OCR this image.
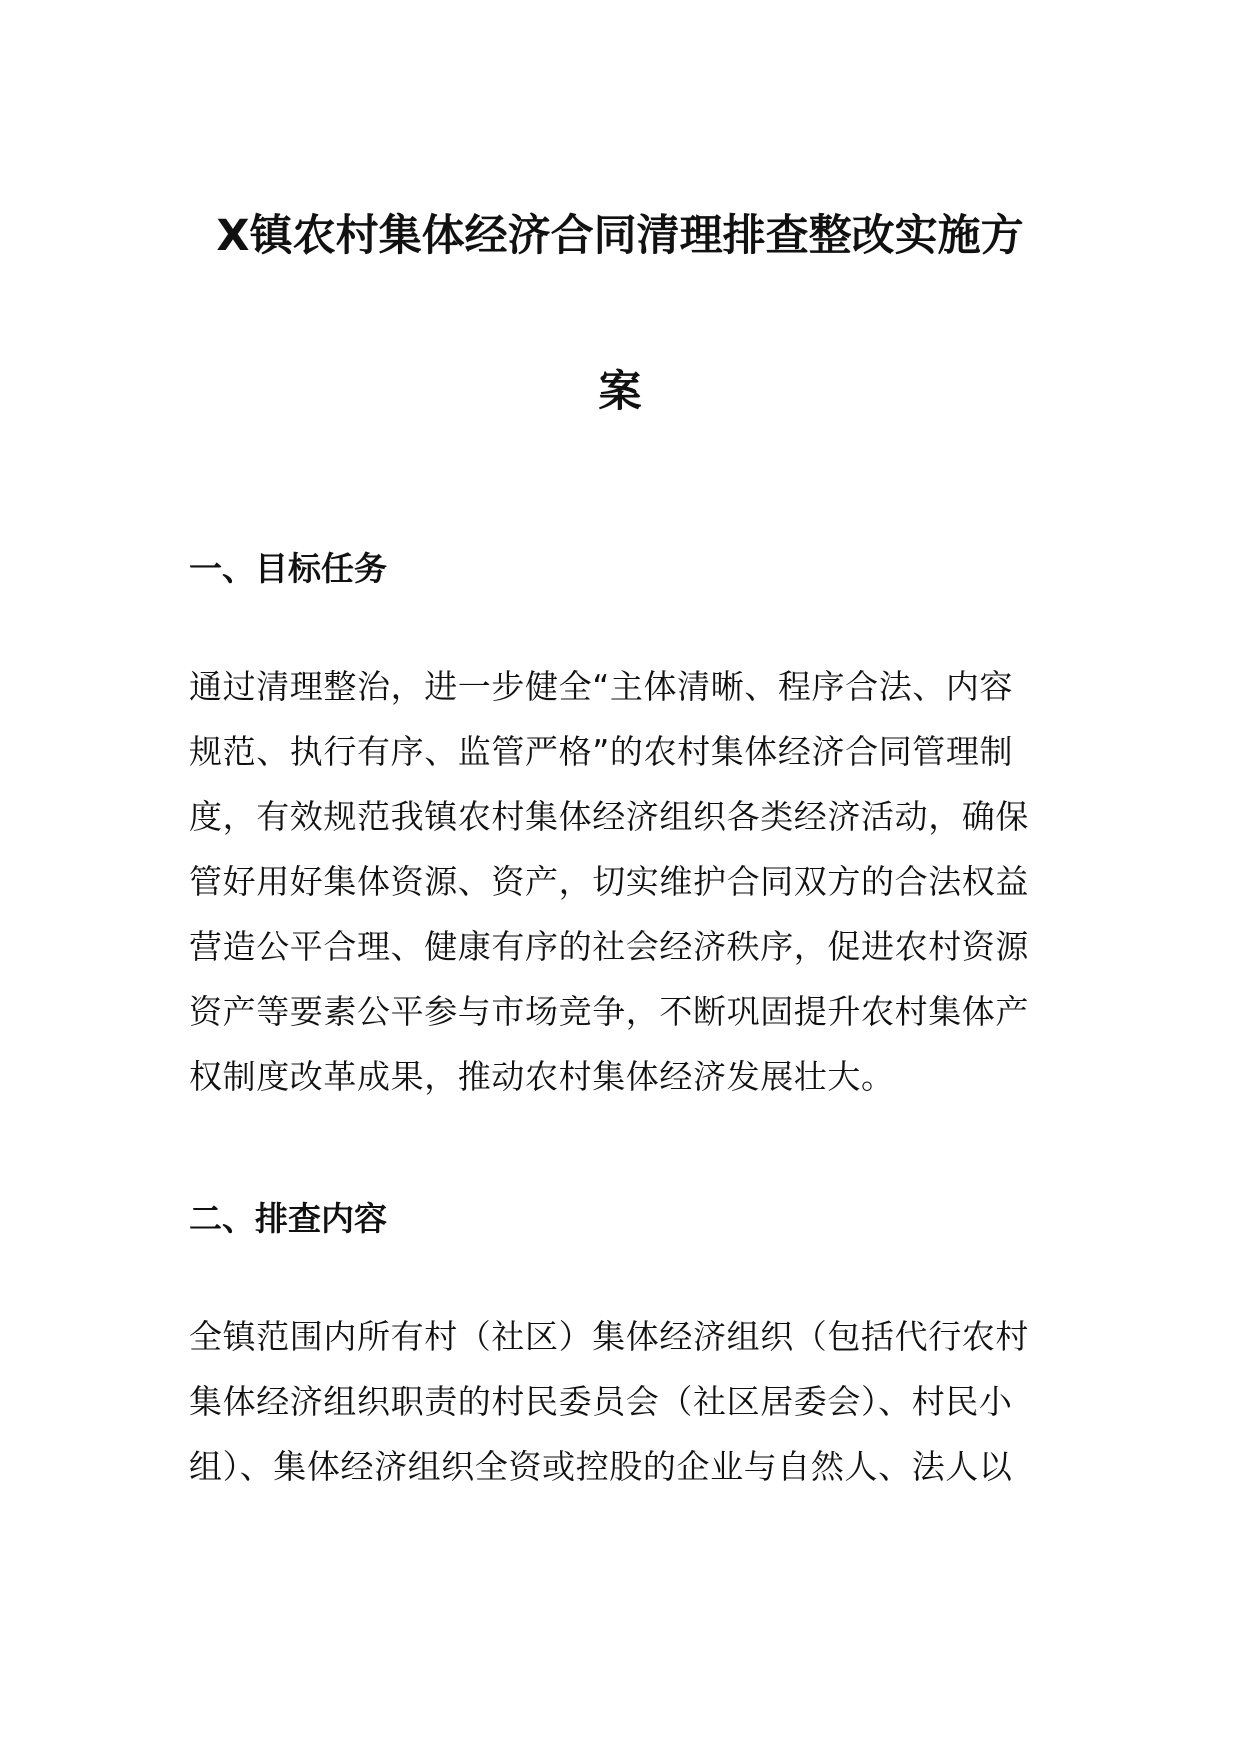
X镇农村集体经济合同清理排查整改实施方
案
一、目标任务
通过清理整治，进一步健全“主体清晰、程序合法、内容
规范、执行有序、监管严格”的农村集体经济合同管理制
度，有效规范我镇农村集体经济组织各类经济活动，确保
管好用好集体资源、资产，切实维护合同双方的合法权益
营造公平合理、健康有序的社会经济秩序，促进农村资源
资产等要素公平参与市场竞争，不断巩固提升农村集体产
权制度改革成果，推动农村集体经济发展壮大。
二、排查内容
全镇范围内所有村（社区）集体经济组织（包括代行农村
集体经济组织职责的村民委员会（社区居委会）、村民小
组）、集体经济组织全资或控股的企业与自然人、法人以
